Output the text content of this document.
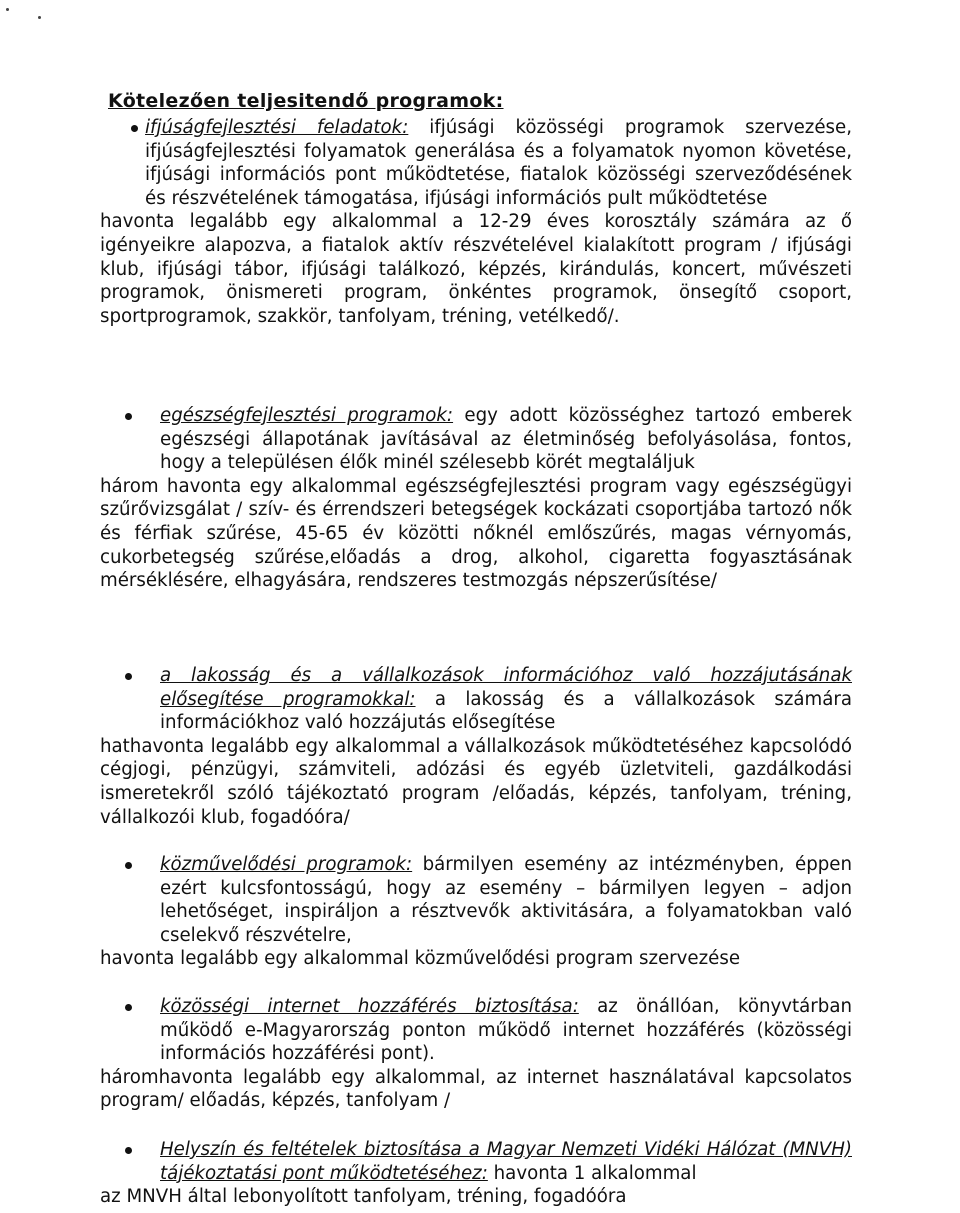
Kötelezően teljesitendő programok:

ifjúságfejlesztési feladatok: ifjúsági közösségi programok szervezése, ifjúságfejlesztési folyamatok generálása és a folyamatok nyomon követése, ifjúsági információs pont működtetése, fiatalok közösségi szerveződésének és részvételének támogatása, ifjúsági információs pult működtetése

havonta legalább egy alkalommal a 12-29 éves korosztály számára az ő igényeikre alapozva, a fiatalok aktív részvételével kialakított program / ifjúsági klub, ifjúsági tábor, ifjúsági találkozó, képzés, kirándulás, koncert, művészeti programok, önismereti program, önkéntes programok, önsegítő csoport, sportprogramok, szakkör, tanfolyam, tréning, vetélkedő/.

egészségfejlesztési programok: egy adott közösséghez tartozó emberek egészségi állapotának javításával az életminőség befolyásolása, fontos, hogy a településen élők minél szélesebb körét megtaláljuk

három havonta egy alkalommal egészségfejlesztési program vagy egészségügyi szűrővizsgálat / szív- és érrendszeri betegségek kockázati csoportjába tartozó nők és férfiak szűrése, 45-65 év közötti nőknél emlőszűrés, magas vérnyomás, cukorbetegség szűrése,előadás a drog, alkohol, cigaretta fogyasztásának mérséklésére, elhagyására, rendszeres testmozgás népszerűsítése/

a lakosság és a vállalkozások információhoz való hozzájutásának elősegítése programokkal: a lakosság és a vállalkozások számára információkhoz való hozzájutás elősegítése

hathavonta legalább egy alkalommal a vállalkozások működtetéséhez kapcsolódó cégjogi, pénzügyi, számviteli, adózási és egyéb üzletviteli, gazdálkodási ismeretekről szóló tájékoztató program /előadás, képzés, tanfolyam, tréning, vállalkozói klub, fogadóóra/

közművelődési programok: bármilyen esemény az intézményben, éppen ezért kulcsfontosságú, hogy az esemény – bármilyen legyen – adjon lehetőséget, inspiráljon a résztvevők aktivitására, a folyamatokban való cselekvő részvételre,

havonta legalább egy alkalommal közművelődési program szervezése

közösségi internet hozzáférés biztosítása: az önállóan, könyvtárban működő e-Magyarország ponton működő internet hozzáférés (közösségi információs hozzáférési pont).

háromhavonta legalább egy alkalommal, az internet használatával kapcsolatos program/ előadás, képzés, tanfolyam /

Helyszín és feltételek biztosítása a Magyar Nemzeti Vidéki Hálózat (MNVH) tájékoztatási pont működtetéséhez: havonta 1 alkalommal

az MNVH által lebonyolított tanfolyam, tréning, fogadóóra
